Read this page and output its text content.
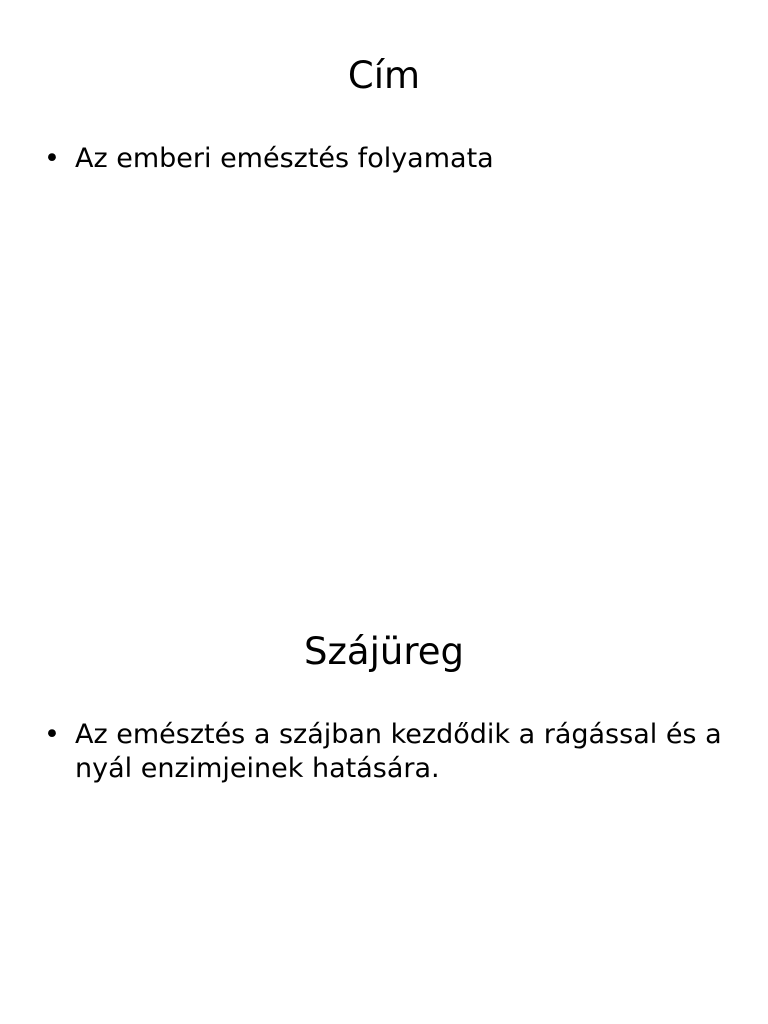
Cím
• Az emberi emésztés folyamata
Szájüreg
• Az emésztés a szájban kezdődik a rágással és a nyál enzimjeinek hatására.
